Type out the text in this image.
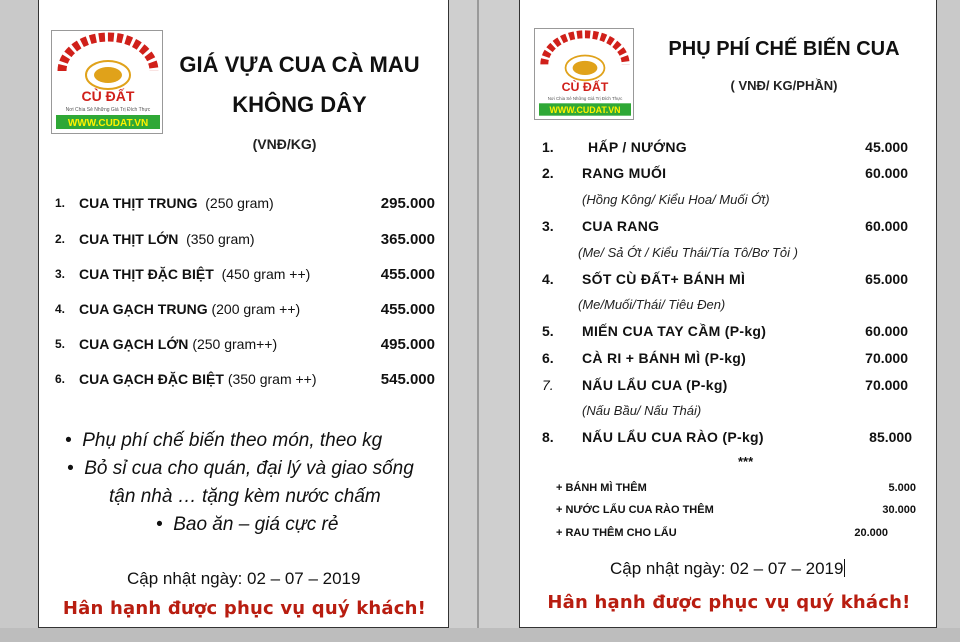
CÙ ĐẤT
Nơi Chia Sẻ Những Giá Trị Đích Thực
WWW.CUDAT.VN
GIÁ VỰA CUA CÀ MAU
KHÔNG DÂY
(VNĐ/KG)
1. CUA THỊT TRUNG (250 gram)	295.000
2. CUA THỊT LỚN (350 gram)	365.000
3. CUA THỊT ĐẶC BIỆT (450 gram ++)	455.000
4. CUA GẠCH TRUNG (200 gram ++)	455.000
5. CUA GẠCH LỚN (250 gram++)	495.000
6. CUA GẠCH ĐẶC BIỆT (350 gram ++)	545.000
•  Phụ phí chế biến theo món, theo kg
•  Bỏ sỉ cua cho quán, đại lý và giao sống
tận nhà … tặng kèm nước chấm
•  Bao ăn – giá cực rẻ
Cập nhật ngày: 02 – 07 – 2019
Hân hạnh được phục vụ quý khách!
CÙ ĐẤT
Nơi Chia Sẻ Những Giá Trị Đích Thực
WWW.CUDAT.VN
PHỤ PHÍ CHẾ BIẾN CUA
( VNĐ/ KG/PHẦN)
1. HẤP / NƯỚNG	45.000
2. RANG MUỐI	60.000
(Hồng Kông/ Kiểu Hoa/ Muối Ớt)
3. CUA RANG	60.000
(Me/ Sả Ớt / Kiểu Thái/Tía Tô/Bơ Tỏi )
4. SỐT CÙ ĐẤT+ BÁNH MÌ	65.000
(Me/Muối/Thái/ Tiêu Đen)
5. MIẾN CUA TAY CẦM (P-kg)	60.000
6. CÀ RI + BÁNH MÌ (P-kg)	70.000
7. NẤU LẨU CUA (P-kg)	70.000
(Nấu Bầu/ Nấu Thái)
8. NẤU LẨU CUA RÀO (P-kg)	85.000
***
+ BÁNH MÌ THÊM	5.000
+ NƯỚC LẨU CUA RÀO THÊM	30.000
+ RAU THÊM CHO LẨU	20.000
Cập nhật ngày: 02 – 07 – 2019
Hân hạnh được phục vụ quý khách!
